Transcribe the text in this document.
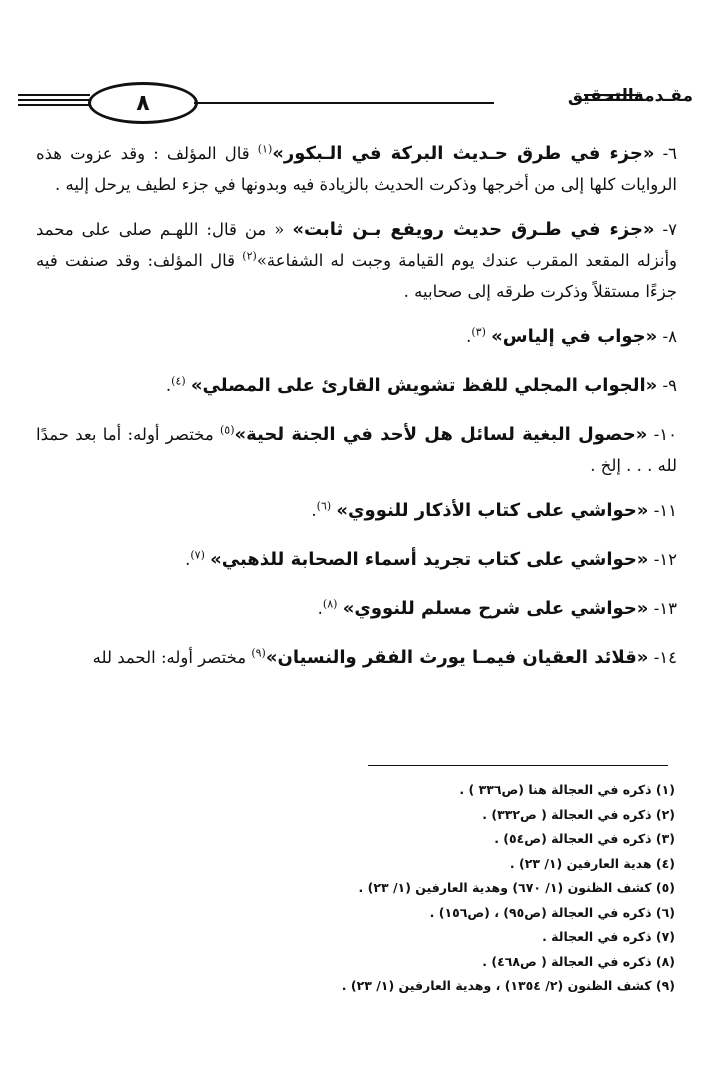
٨	مقـدمةالتحقيق
٦- «جزء في طرق حـديث البركة في الـبكور»$^{(١)}$ قال المؤلف : وقد عزوت هذه الروايات كلها إلى من أخرجها وذكرت الحديث بالزيادة فيه وبدونها في جزء لطيف يرحل إليه .
٧- «جزء في طـرق حديث رويفع بـن ثابت» « من قال: اللهـم صلى على محمد وأنزله المقعد المقرب عندك يوم القيامة وجبت له الشفاعة»$^{(٢)}$ قال المؤلف: وقد صنفت فيه جزءًا مستقلاً وذكرت طرقه إلى صحابيه .
٨- «جواب في إلياس» $^{(٣)}$.
٩- «الجواب المجلي للفظ تشويش القارئ على المصلي» $^{(٤)}$.
١٠- «حصول البغية لسائل هل لأحد في الجنة لحية»$^{(٥)}$ مختصر أوله: أما بعد حمدًا لله . . . إلخ .
١١- «حواشي على كتاب الأذكار للنووي» $^{(٦)}$.
١٢- «حواشي على كتاب تجريد أسماء الصحابة للذهبي» $^{(٧)}$.
١٣- «حواشي على شرح مسلم للنووي» $^{(٨)}$.
١٤- «قلائد العقيان فيمـا يورث الفقر والنسيان»$^{(٩)}$ مختصر أوله: الحمد لله
(١) ذكره في العجالة هنا (ص٣٣٦ ) .
(٢) ذكره في العجالة ( ص٣٣٢) .
(٣) ذكره في العجالة (ص٥٤) .
(٤) هدية العارفين (١/ ٢٣) .
(٥) كشف الظنون (١/ ٦٧٠) وهدية العارفين (١/ ٢٣) .
(٦) ذكره في العجالة (ص٩٥) ، (ص١٥٦) .
(٧) ذكره في العجالة .
(٨) ذكره في العجالة ( ص٤٦٨) .
(٩) كشف الظنون (٢/ ١٣٥٤) ، وهدية العارفين (١/ ٢٣) .
